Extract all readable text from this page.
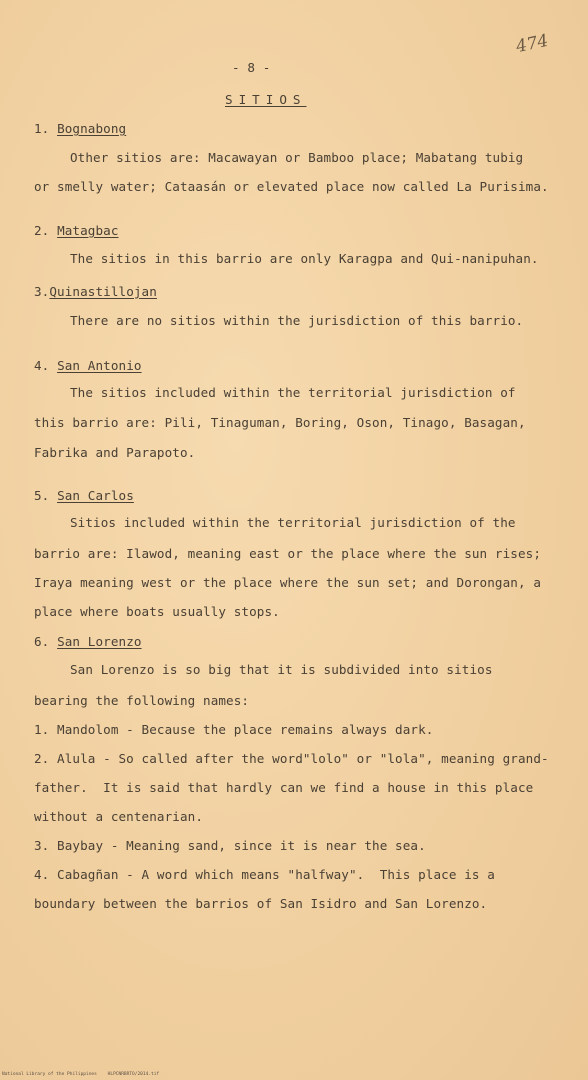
474
- 8 -
SITIOS
1. Bognabong
Other sitios are: Macawayan or Bamboo place; Mabatang tubig
or smelly water; Cataasán or elevated place now called La Purisima.
2. Matagbac
The sitios in this barrio are only Karagpa and Qui-nanipuhan.
3.Quinastillojan
There are no sitios within the jurisdiction of this barrio.
4. San Antonio
The sitios included within the territorial jurisdiction of
this barrio are: Pili, Tinaguman, Boring, Oson, Tinago, Basagan,
Fabrika and Parapoto.
5. San Carlos
Sitios included within the territorial jurisdiction of the
barrio are: Ilawod, meaning east or the place where the sun rises;
Iraya meaning west or the place where the sun set; and Dorongan, a
place where boats usually stops.
6. San Lorenzo
San Lorenzo is so big that it is subdivided into sitios
bearing the following names:
1. Mandolom - Because the place remains always dark.
2. Alula - So called after the word"lolo" or "lola", meaning grand-
father.  It is said that hardly can we find a house in this place
without a centenarian.
3. Baybay - Meaning sand, since it is near the sea.
4. Cabagñan - A word which means "halfway".  This place is a
boundary between the barrios of San Isidro and San Lorenzo.
National Library of the Philippines    HLPCNRBRTO/2014.tif
